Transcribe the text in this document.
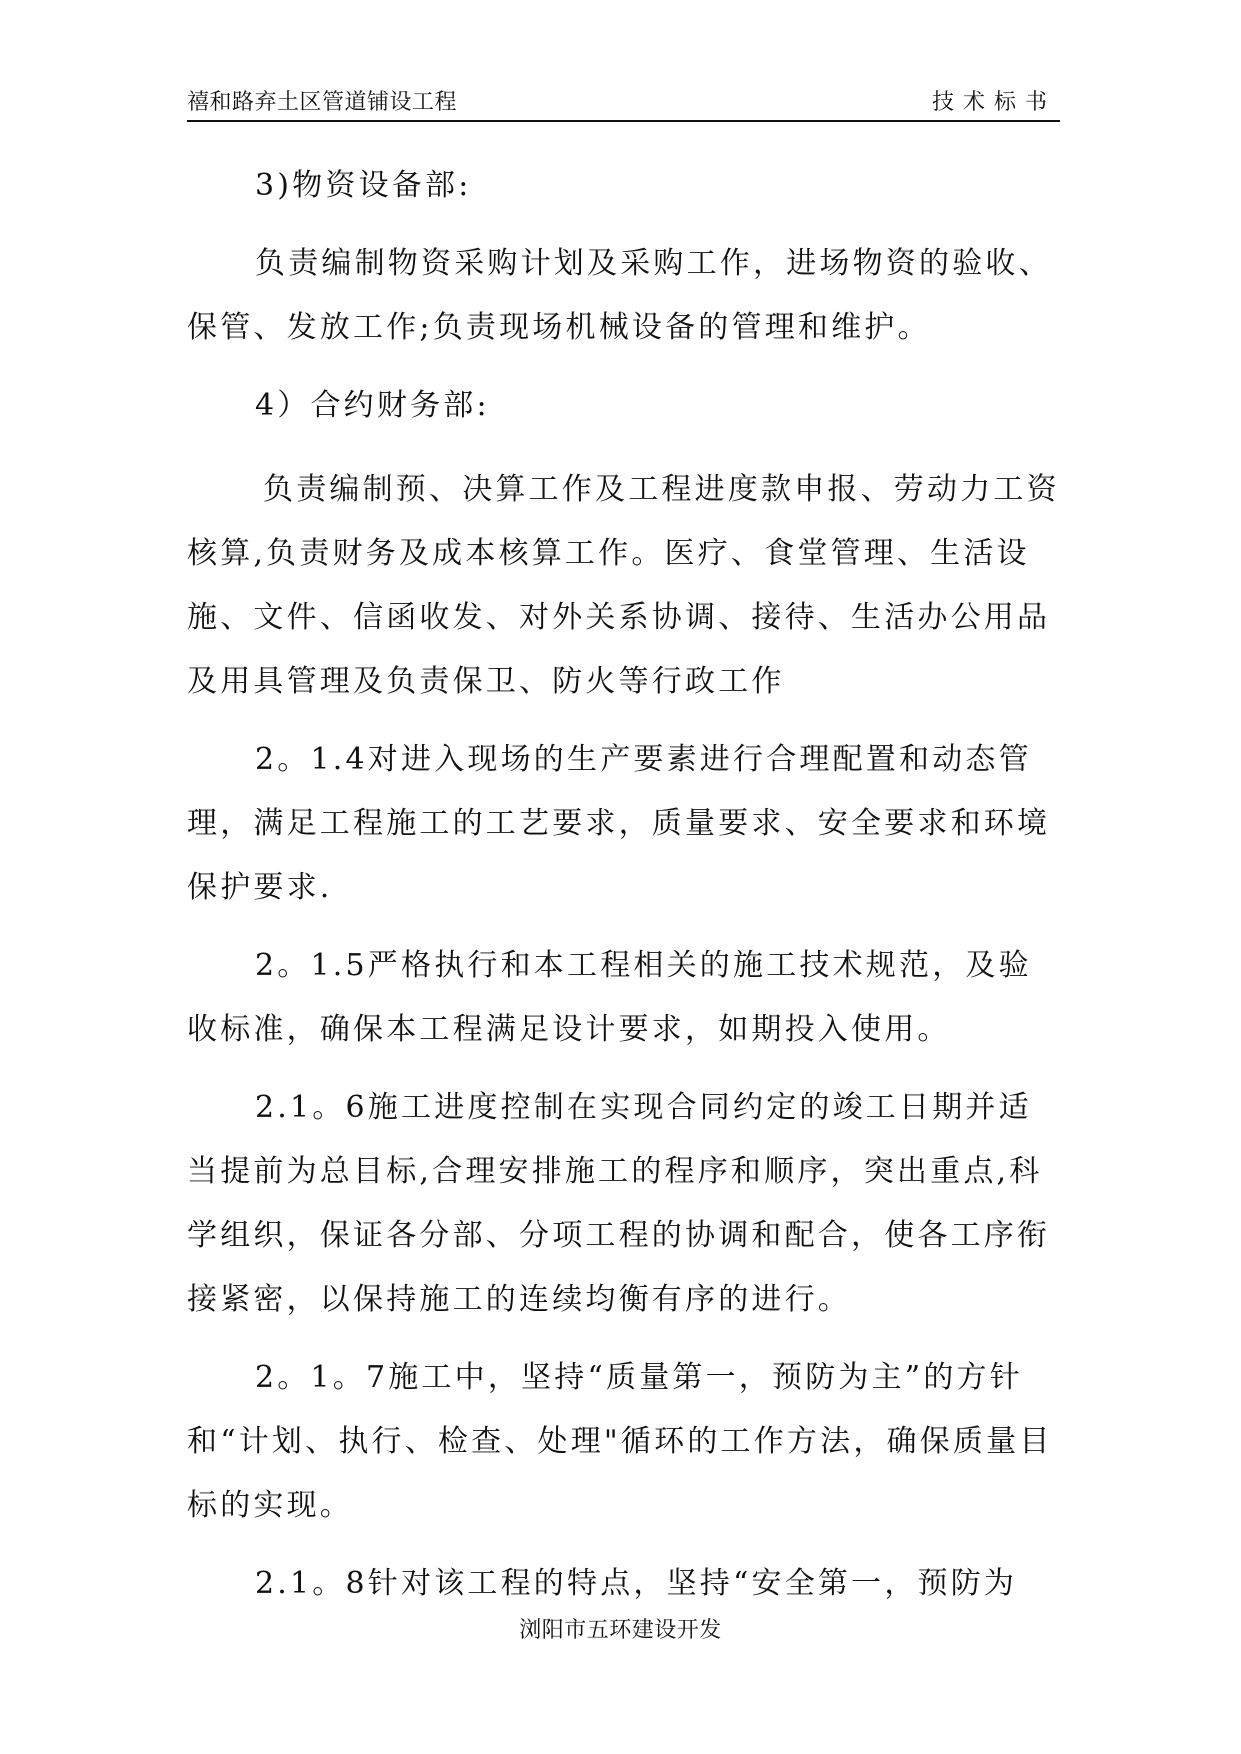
禧和路弃土区管道铺设工程	技术标书

3)物资设备部:

负责编制物资采购计划及采购工作，进场物资的验收、保管、发放工作;负责现场机械设备的管理和维护。

4）合约财务部:

负责编制预、决算工作及工程进度款申报、劳动力工资核算,负责财务及成本核算工作。医疗、食堂管理、生活设施、文件、信函收发、对外关系协调、接待、生活办公用品及用具管理及负责保卫、防火等行政工作

2。1.4对进入现场的生产要素进行合理配置和动态管理，满足工程施工的工艺要求，质量要求、安全要求和环境保护要求.

2。1.5严格执行和本工程相关的施工技术规范，及验收标准，确保本工程满足设计要求，如期投入使用。

2.1。6施工进度控制在实现合同约定的竣工日期并适当提前为总目标,合理安排施工的程序和顺序，突出重点,科学组织，保证各分部、分项工程的协调和配合，使各工序衔接紧密，以保持施工的连续均衡有序的进行。

2。1。7施工中，坚持“质量第一，预防为主”的方针和“计划、执行、检查、处理"循环的工作方法，确保质量目标的实现。

2.1。8针对该工程的特点，坚持“安全第一，预防为

浏阳市五环建设开发
